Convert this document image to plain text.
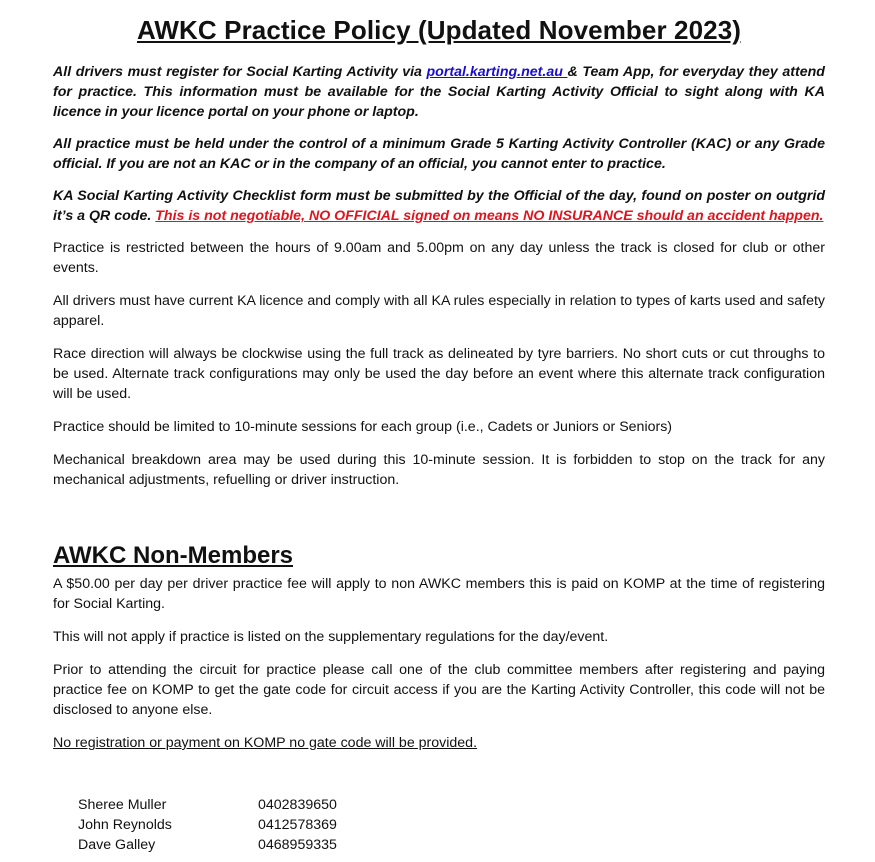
AWKC Practice Policy (Updated November 2023)

All drivers must register for Social Karting Activity via portal.karting.net.au & Team App, for everyday they attend for practice. This information must be available for the Social Karting Activity Official to sight along with KA licence in your licence portal on your phone or laptop.

All practice must be held under the control of a minimum Grade 5 Karting Activity Controller (KAC) or any Grade official. If you are not an KAC or in the company of an official, you cannot enter to practice.

KA Social Karting Activity Checklist form must be submitted by the Official of the day, found on poster on outgrid it’s a QR code. This is not negotiable, NO OFFICIAL signed on means NO INSURANCE should an accident happen.

Practice is restricted between the hours of 9.00am and 5.00pm on any day unless the track is closed for club or other events.

All drivers must have current KA licence and comply with all KA rules especially in relation to types of karts used and safety apparel.

Race direction will always be clockwise using the full track as delineated by tyre barriers. No short cuts or cut throughs to be used. Alternate track configurations may only be used the day before an event where this alternate track configuration will be used.

Practice should be limited to 10-minute sessions for each group (i.e., Cadets or Juniors or Seniors)

Mechanical breakdown area may be used during this 10-minute session. It is forbidden to stop on the track for any mechanical adjustments, refuelling or driver instruction.

AWKC Non-Members

A $50.00 per day per driver practice fee will apply to non AWKC members this is paid on KOMP at the time of registering for Social Karting.

This will not apply if practice is listed on the supplementary regulations for the day/event.

Prior to attending the circuit for practice please call one of the club committee members after registering and paying practice fee on KOMP to get the gate code for circuit access if you are the Karting Activity Controller, this code will not be disclosed to anyone else.

No registration or payment on KOMP no gate code will be provided.

Sheree Muller	0402839650
John Reynolds	0412578369
Dave Galley	0468959335
